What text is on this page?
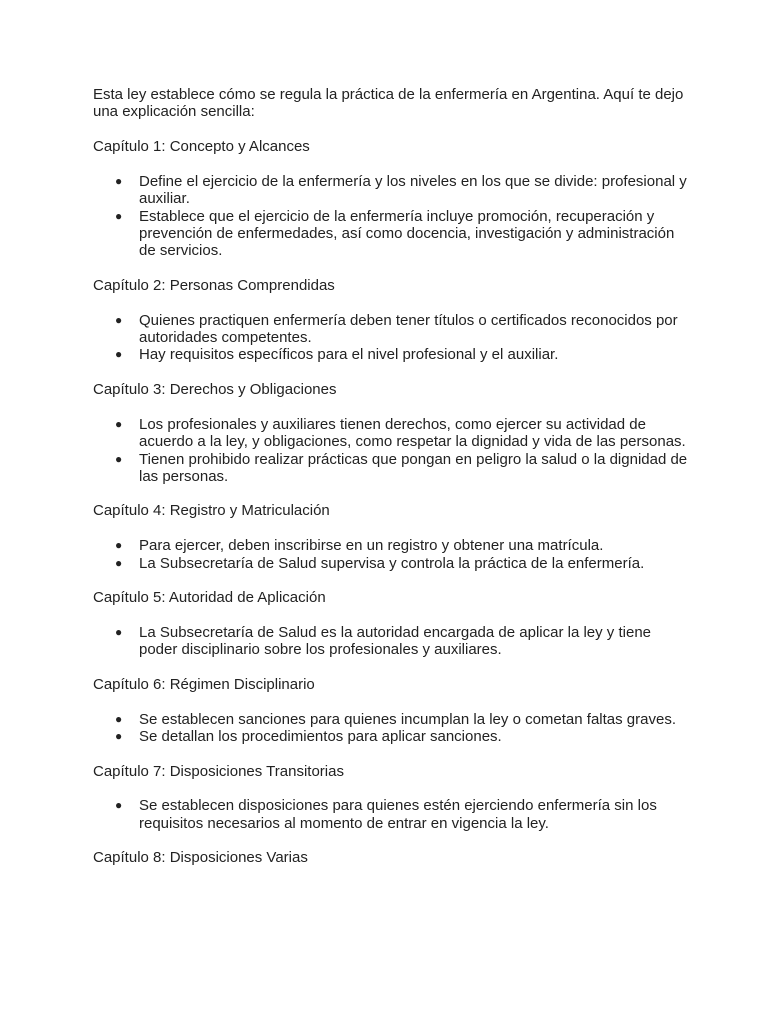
Esta ley establece cómo se regula la práctica de la enfermería en Argentina. Aquí te dejo una explicación sencilla:

Capítulo 1: Concepto y Alcances

● Define el ejercicio de la enfermería y los niveles en los que se divide: profesional y auxiliar.
● Establece que el ejercicio de la enfermería incluye promoción, recuperación y prevención de enfermedades, así como docencia, investigación y administración de servicios.

Capítulo 2: Personas Comprendidas

● Quienes practiquen enfermería deben tener títulos o certificados reconocidos por autoridades competentes.
● Hay requisitos específicos para el nivel profesional y el auxiliar.

Capítulo 3: Derechos y Obligaciones

● Los profesionales y auxiliares tienen derechos, como ejercer su actividad de acuerdo a la ley, y obligaciones, como respetar la dignidad y vida de las personas.
● Tienen prohibido realizar prácticas que pongan en peligro la salud o la dignidad de las personas.

Capítulo 4: Registro y Matriculación

● Para ejercer, deben inscribirse en un registro y obtener una matrícula.
● La Subsecretaría de Salud supervisa y controla la práctica de la enfermería.

Capítulo 5: Autoridad de Aplicación

● La Subsecretaría de Salud es la autoridad encargada de aplicar la ley y tiene poder disciplinario sobre los profesionales y auxiliares.

Capítulo 6: Régimen Disciplinario

● Se establecen sanciones para quienes incumplan la ley o cometan faltas graves.
● Se detallan los procedimientos para aplicar sanciones.

Capítulo 7: Disposiciones Transitorias

● Se establecen disposiciones para quienes estén ejerciendo enfermería sin los requisitos necesarios al momento de entrar en vigencia la ley.

Capítulo 8: Disposiciones Varias
